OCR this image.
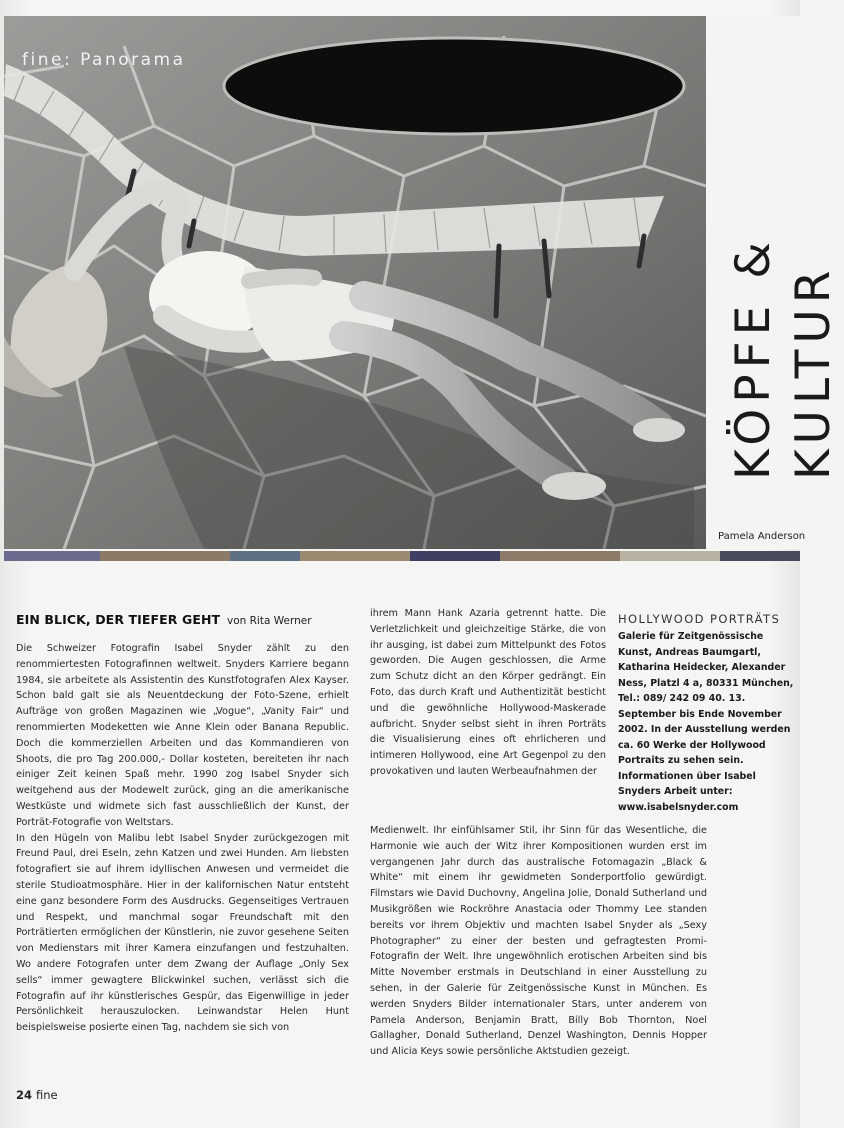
fine: Panorama
KÖPFE & KULTUR
Pamela Anderson
EIN BLICK, DER TIEFER GEHT von Rita Werner

Die Schweizer Fotografin Isabel Snyder zählt zu den renommiertesten Fotografinnen weltweit. Snyders Karriere begann 1984, sie arbeitete als Assistentin des Kunstfotografen Alex Kayser. Schon bald galt sie als Neuentdeckung der Foto-Szene, erhielt Aufträge von großen Magazinen wie „Vogue“, „Vanity Fair“ und renommierten Modeketten wie Anne Klein oder Banana Republic. Doch die kommerziellen Arbeiten und das Kommandieren von Shoots, die pro Tag 200.000,- Dollar kosteten, bereiteten ihr nach einiger Zeit keinen Spaß mehr. 1990 zog Isabel Snyder sich weitgehend aus der Modewelt zurück, ging an die amerikanische Westküste und widmete sich fast ausschließlich der Kunst, der Porträt-Fotografie von Weltstars.

In den Hügeln von Malibu lebt Isabel Snyder zurückgezogen mit Freund Paul, drei Eseln, zehn Katzen und zwei Hunden. Am liebsten fotografiert sie auf ihrem idyllischen Anwesen und vermeidet die sterile Studioatmosphäre. Hier in der kalifornischen Natur entsteht eine ganz besondere Form des Ausdrucks. Gegenseitiges Vertrauen und Respekt, und manchmal sogar Freundschaft mit den Porträtierten ermöglichen der Künstlerin, nie zuvor gesehene Seiten von Medienstars mit ihrer Kamera einzufangen und festzuhalten. Wo andere Fotografen unter dem Zwang der Auflage „Only Sex sells“ immer gewagtere Blickwinkel suchen, verlässt sich die Fotografin auf ihr künstlerisches Gespür, das Eigenwillige in jeder Persönlichkeit herauszulocken. Leinwandstar Helen Hunt beispielsweise posierte einen Tag, nachdem sie sich von

ihrem Mann Hank Azaria getrennt hatte. Die Verletzlichkeit und gleichzeitige Stärke, die von ihr ausging, ist dabei zum Mittelpunkt des Fotos geworden. Die Augen geschlossen, die Arme zum Schutz dicht an den Körper gedrängt. Ein Foto, das durch Kraft und Authentizität besticht und die gewöhnliche Hollywood-Maskerade aufbricht. Snyder selbst sieht in ihren Porträts die Visualisierung eines oft ehrlicheren und intimeren Hollywood, eine Art Gegenpol zu den provokativen und lauten Werbeaufnahmen der

Medienwelt. Ihr einfühlsamer Stil, ihr Sinn für das Wesentliche, die Harmonie wie auch der Witz ihrer Kompositionen wurden erst im vergangenen Jahr durch das australische Fotomagazin „Black & White“ mit einem ihr gewidmeten Sonderportfolio gewürdigt. Filmstars wie David Duchovny, Angelina Jolie, Donald Sutherland und Musikgrößen wie Rockröhre Anastacia oder Thommy Lee standen bereits vor ihrem Objektiv und machten Isabel Snyder als „Sexy Photographer“ zu einer der besten und gefragtesten Promi-Fotografin der Welt. Ihre ungewöhnlich erotischen Arbeiten sind bis Mitte November erstmals in Deutschland in einer Ausstellung zu sehen, in der Galerie für Zeitgenössische Kunst in München. Es werden Snyders Bilder internationaler Stars, unter anderem von Pamela Anderson, Benjamin Bratt, Billy Bob Thornton, Noel Gallagher, Donald Sutherland, Denzel Washington, Dennis Hopper und Alicia Keys sowie persönliche Aktstudien gezeigt.

HOLLYWOOD PORTRÄTS
Galerie für Zeitgenössische Kunst, Andreas Baumgartl, Katharina Heidecker, Alexander Ness, Platzl 4 a, 80331 München, Tel.: 089/ 242 09 40. 13. September bis Ende November 2002. In der Ausstellung werden ca. 60 Werke der Hollywood Portraits zu sehen sein. Informationen über Isabel Snyders Arbeit unter: www.isabelsnyder.com
24 fine
